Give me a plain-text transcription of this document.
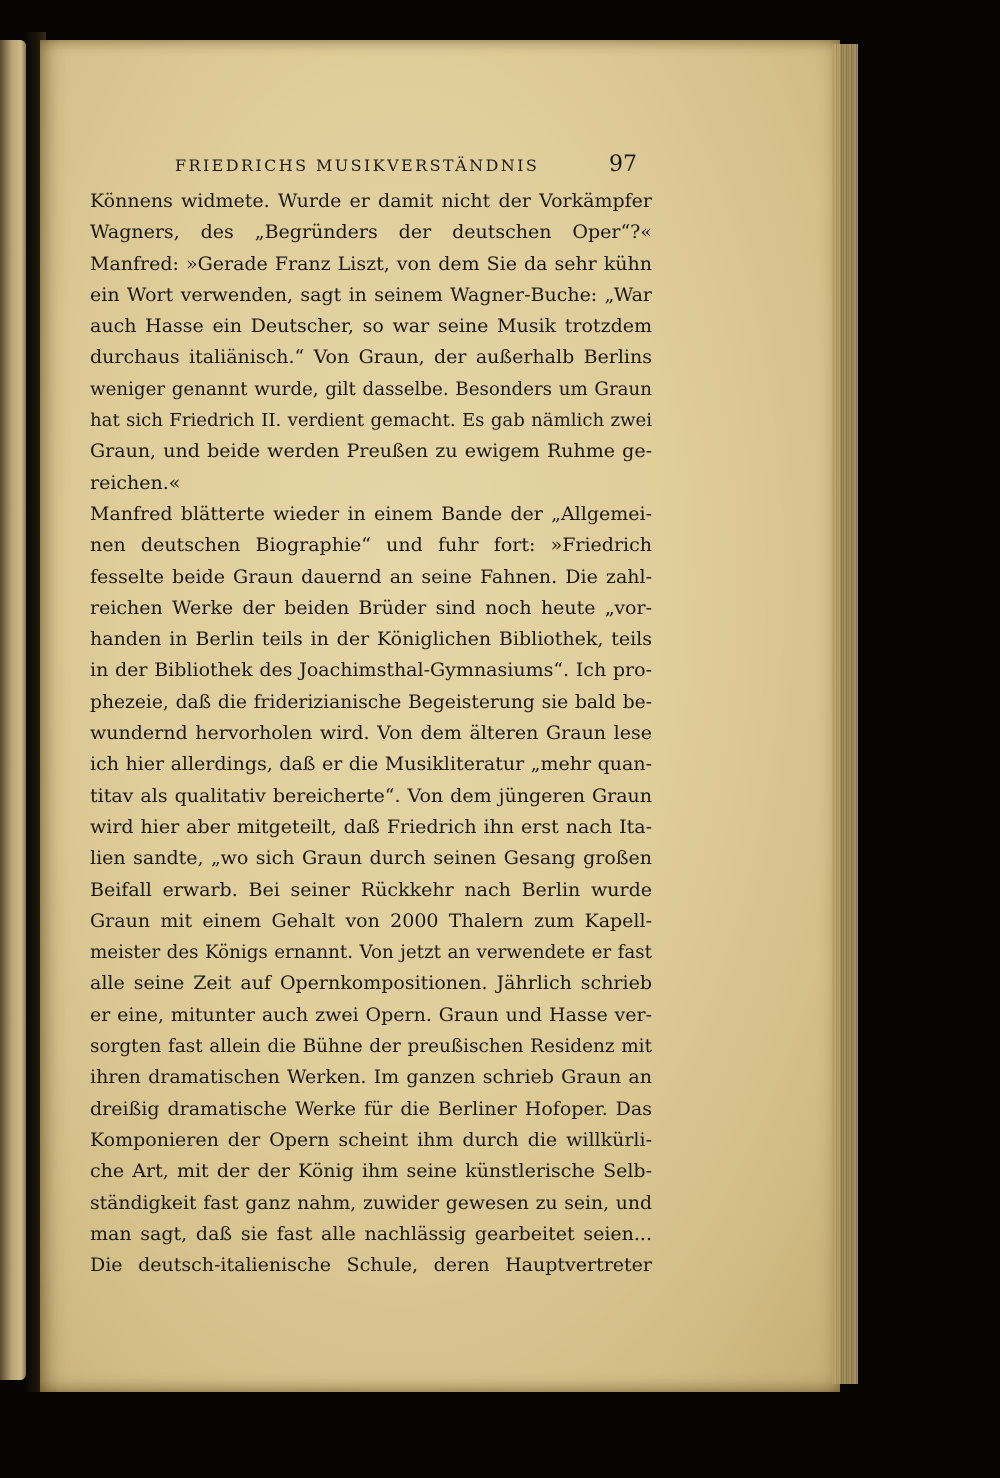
FRIEDRICHS MUSIKVERSTÄNDNIS	97
Könnens widmete. Wurde er damit nicht der Vorkämpfer
Wagners, des „Begründers der deutschen Oper“?«
Manfred: »Gerade Franz Liszt, von dem Sie da sehr kühn
ein Wort verwenden, sagt in seinem Wagner-Buche: „War
auch Hasse ein Deutscher, so war seine Musik trotzdem
durchaus italiänisch.“ Von Graun, der außerhalb Berlins
weniger genannt wurde, gilt dasselbe. Besonders um Graun
hat sich Friedrich II. verdient gemacht. Es gab nämlich zwei
Graun, und beide werden Preußen zu ewigem Ruhme ge-
reichen.«
Manfred blätterte wieder in einem Bande der „Allgemei-
nen deutschen Biographie“ und fuhr fort: »Friedrich
fesselte beide Graun dauernd an seine Fahnen. Die zahl-
reichen Werke der beiden Brüder sind noch heute „vor-
handen in Berlin teils in der Königlichen Bibliothek, teils
in der Bibliothek des Joachimsthal-Gymnasiums“. Ich pro-
phezeie, daß die friderizianische Begeisterung sie bald be-
wundernd hervorholen wird. Von dem älteren Graun lese
ich hier allerdings, daß er die Musikliteratur „mehr quan-
titav als qualitativ bereicherte“. Von dem jüngeren Graun
wird hier aber mitgeteilt, daß Friedrich ihn erst nach Ita-
lien sandte, „wo sich Graun durch seinen Gesang großen
Beifall erwarb. Bei seiner Rückkehr nach Berlin wurde
Graun mit einem Gehalt von 2000 Thalern zum Kapell-
meister des Königs ernannt. Von jetzt an verwendete er fast
alle seine Zeit auf Opernkompositionen. Jährlich schrieb
er eine, mitunter auch zwei Opern. Graun und Hasse ver-
sorgten fast allein die Bühne der preußischen Residenz mit
ihren dramatischen Werken. Im ganzen schrieb Graun an
dreißig dramatische Werke für die Berliner Hofoper. Das
Komponieren der Opern scheint ihm durch die willkürli-
che Art, mit der der König ihm seine künstlerische Selb-
ständigkeit fast ganz nahm, zuwider gewesen zu sein, und
man sagt, daß sie fast alle nachlässig gearbeitet seien...
Die deutsch-italienische Schule, deren Hauptvertreter
